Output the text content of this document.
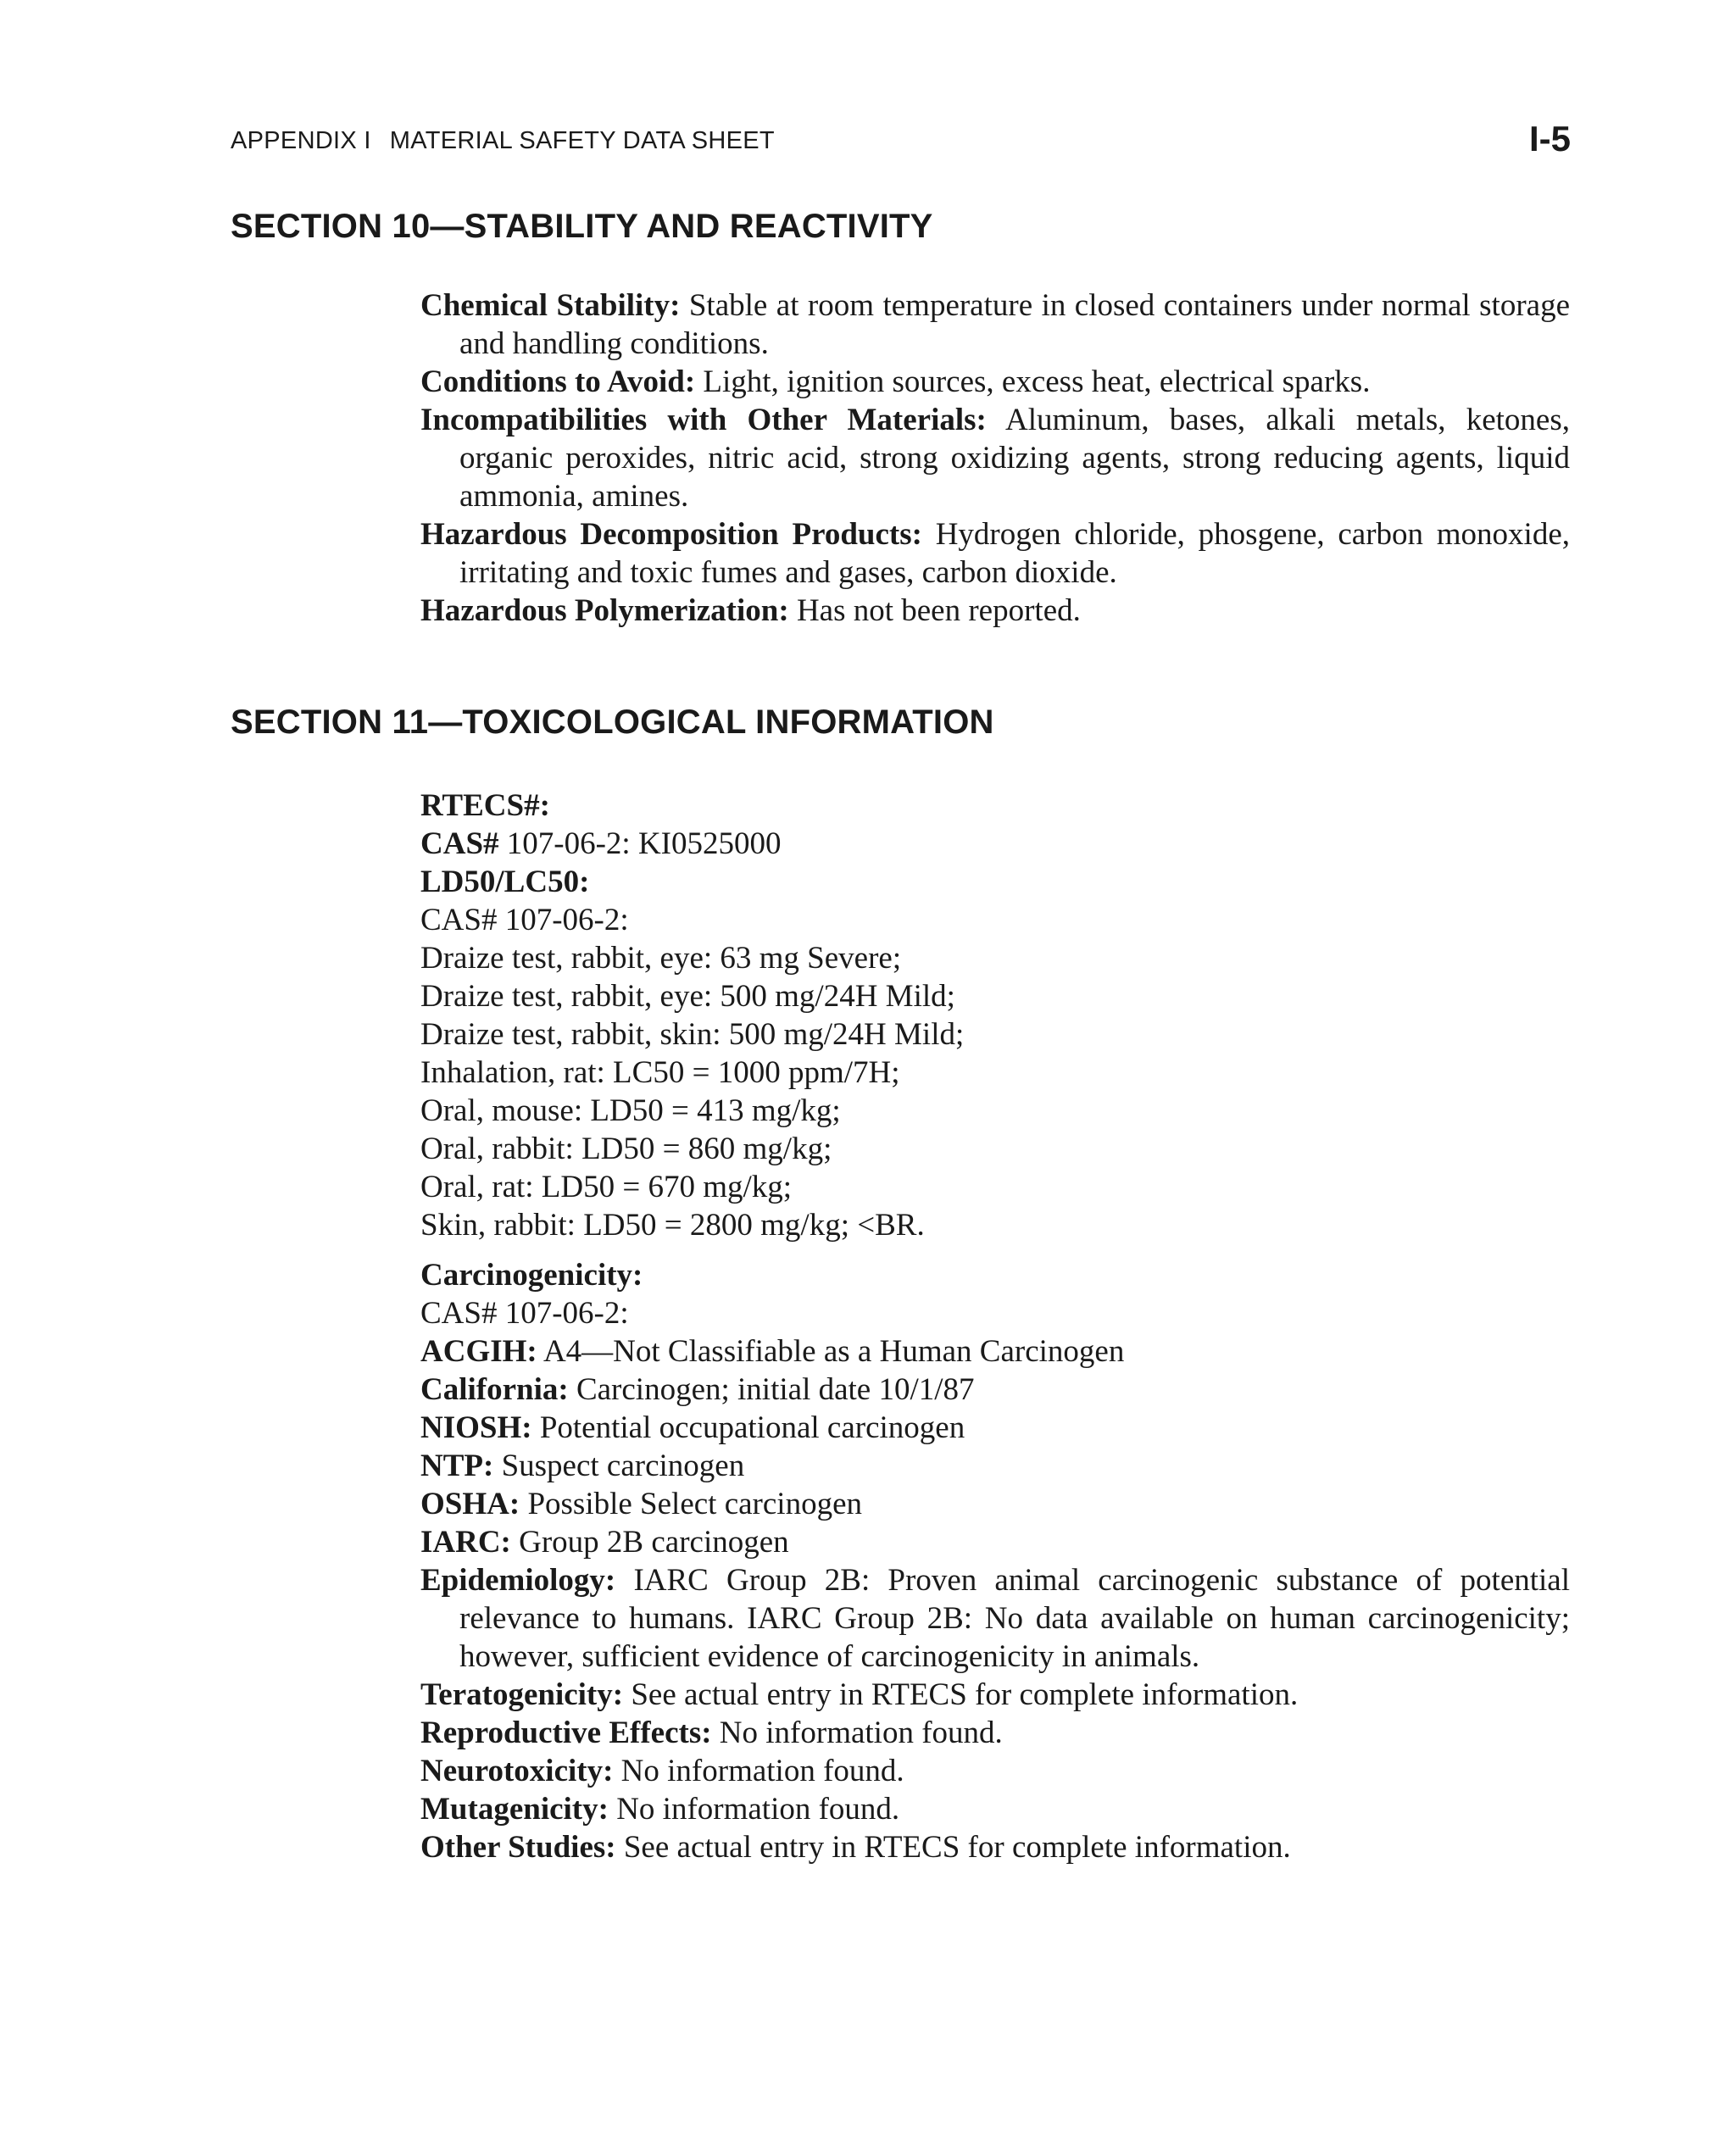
APPENDIX I MATERIAL SAFETY DATA SHEET	I-5
SECTION 10—STABILITY AND REACTIVITY
Chemical Stability: Stable at room temperature in closed containers under normal storage and handling conditions.
Conditions to Avoid: Light, ignition sources, excess heat, electrical sparks.
Incompatibilities with Other Materials: Aluminum, bases, alkali metals, ketones, organic peroxides, nitric acid, strong oxidizing agents, strong reducing agents, liquid ammonia, amines.
Hazardous Decomposition Products: Hydrogen chloride, phosgene, carbon monoxide, irritating and toxic fumes and gases, carbon dioxide.
Hazardous Polymerization: Has not been reported.
SECTION 11—TOXICOLOGICAL INFORMATION
RTECS#:
CAS# 107-06-2: KI0525000
LD50/LC50:
CAS# 107-06-2:
Draize test, rabbit, eye: 63 mg Severe;
Draize test, rabbit, eye: 500 mg/24H Mild;
Draize test, rabbit, skin: 500 mg/24H Mild;
Inhalation, rat: LC50 = 1000 ppm/7H;
Oral, mouse: LD50 = 413 mg/kg;
Oral, rabbit: LD50 = 860 mg/kg;
Oral, rat: LD50 = 670 mg/kg;
Skin, rabbit: LD50 = 2800 mg/kg; <BR.
Carcinogenicity:
CAS# 107-06-2:
ACGIH: A4—Not Classifiable as a Human Carcinogen
California: Carcinogen; initial date 10/1/87
NIOSH: Potential occupational carcinogen
NTP: Suspect carcinogen
OSHA: Possible Select carcinogen
IARC: Group 2B carcinogen
Epidemiology: IARC Group 2B: Proven animal carcinogenic substance of potential relevance to humans. IARC Group 2B: No data available on human carcinogenicity; however, sufficient evidence of carcinogenicity in animals.
Teratogenicity: See actual entry in RTECS for complete information.
Reproductive Effects: No information found.
Neurotoxicity: No information found.
Mutagenicity: No information found.
Other Studies: See actual entry in RTECS for complete information.
